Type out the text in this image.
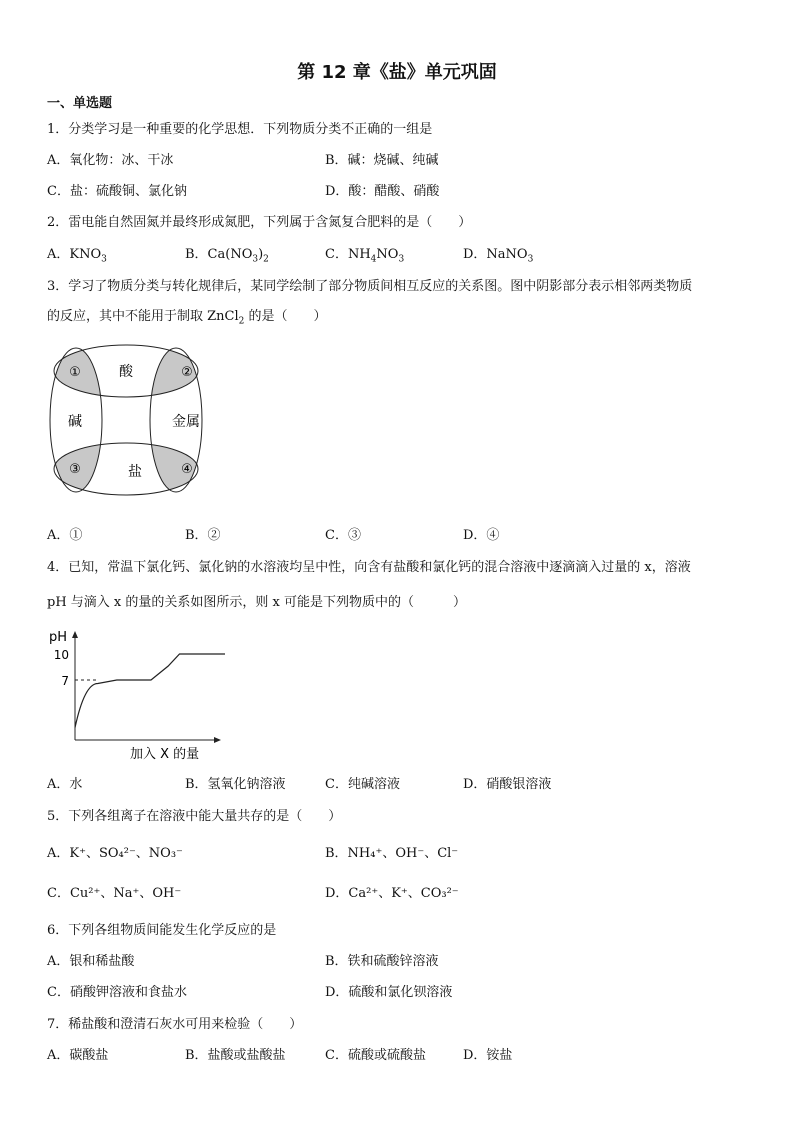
第 12 章《盐》单元巩固
一、单选题
1．分类学习是一种重要的化学思想．下列物质分类不正确的一组是
A．氧化物：冰、干冰	B．碱：烧碱、纯碱
C．盐：硫酸铜、氯化钠	D．酸：醋酸、硝酸
2．雷电能自然固氮并最终形成氮肥，下列属于含氮复合肥料的是（　　）
A．$KNO_3$	B．$Ca(NO_3)_2$	C．$NH_4NO_3$	D．NaNO$_3$
3．学习了物质分类与转化规律后，某同学绘制了部分物质间相互反应的关系图。图中阴影部分表示相邻两类物质
的反应，其中不能用于制取 ZnCl$_2$ 的是（　　）
酸
碱	金属
盐
①	②
③	④
A．①	B．②	C．③	D．④
4．已知，常温下氯化钙、氯化钠的水溶液均呈中性，向含有盐酸和氯化钙的混合溶液中逐滴滴入过量的 x，溶液
pH 与滴入 x 的量的关系如图所示，则 x 可能是下列物质中的（　　　）
pH
10
7
加入 X 的量
A．水	B．氢氧化钠溶液	C．纯碱溶液	D．硝酸银溶液
5．下列各组离子在溶液中能大量共存的是（　　）
A．K⁺、SO₄²⁻、NO₃⁻	B．NH₄⁺、OH⁻、Cl⁻
C．Cu²⁺、Na⁺、OH⁻	D．Ca²⁺、K⁺、CO₃²⁻
6．下列各组物质间能发生化学反应的是
A．银和稀盐酸	B．铁和硫酸锌溶液
C．硝酸钾溶液和食盐水	D．硫酸和氯化钡溶液
7．稀盐酸和澄清石灰水可用来检验（　　）
A．碳酸盐	B．盐酸或盐酸盐	C．硫酸或硫酸盐	D．铵盐
